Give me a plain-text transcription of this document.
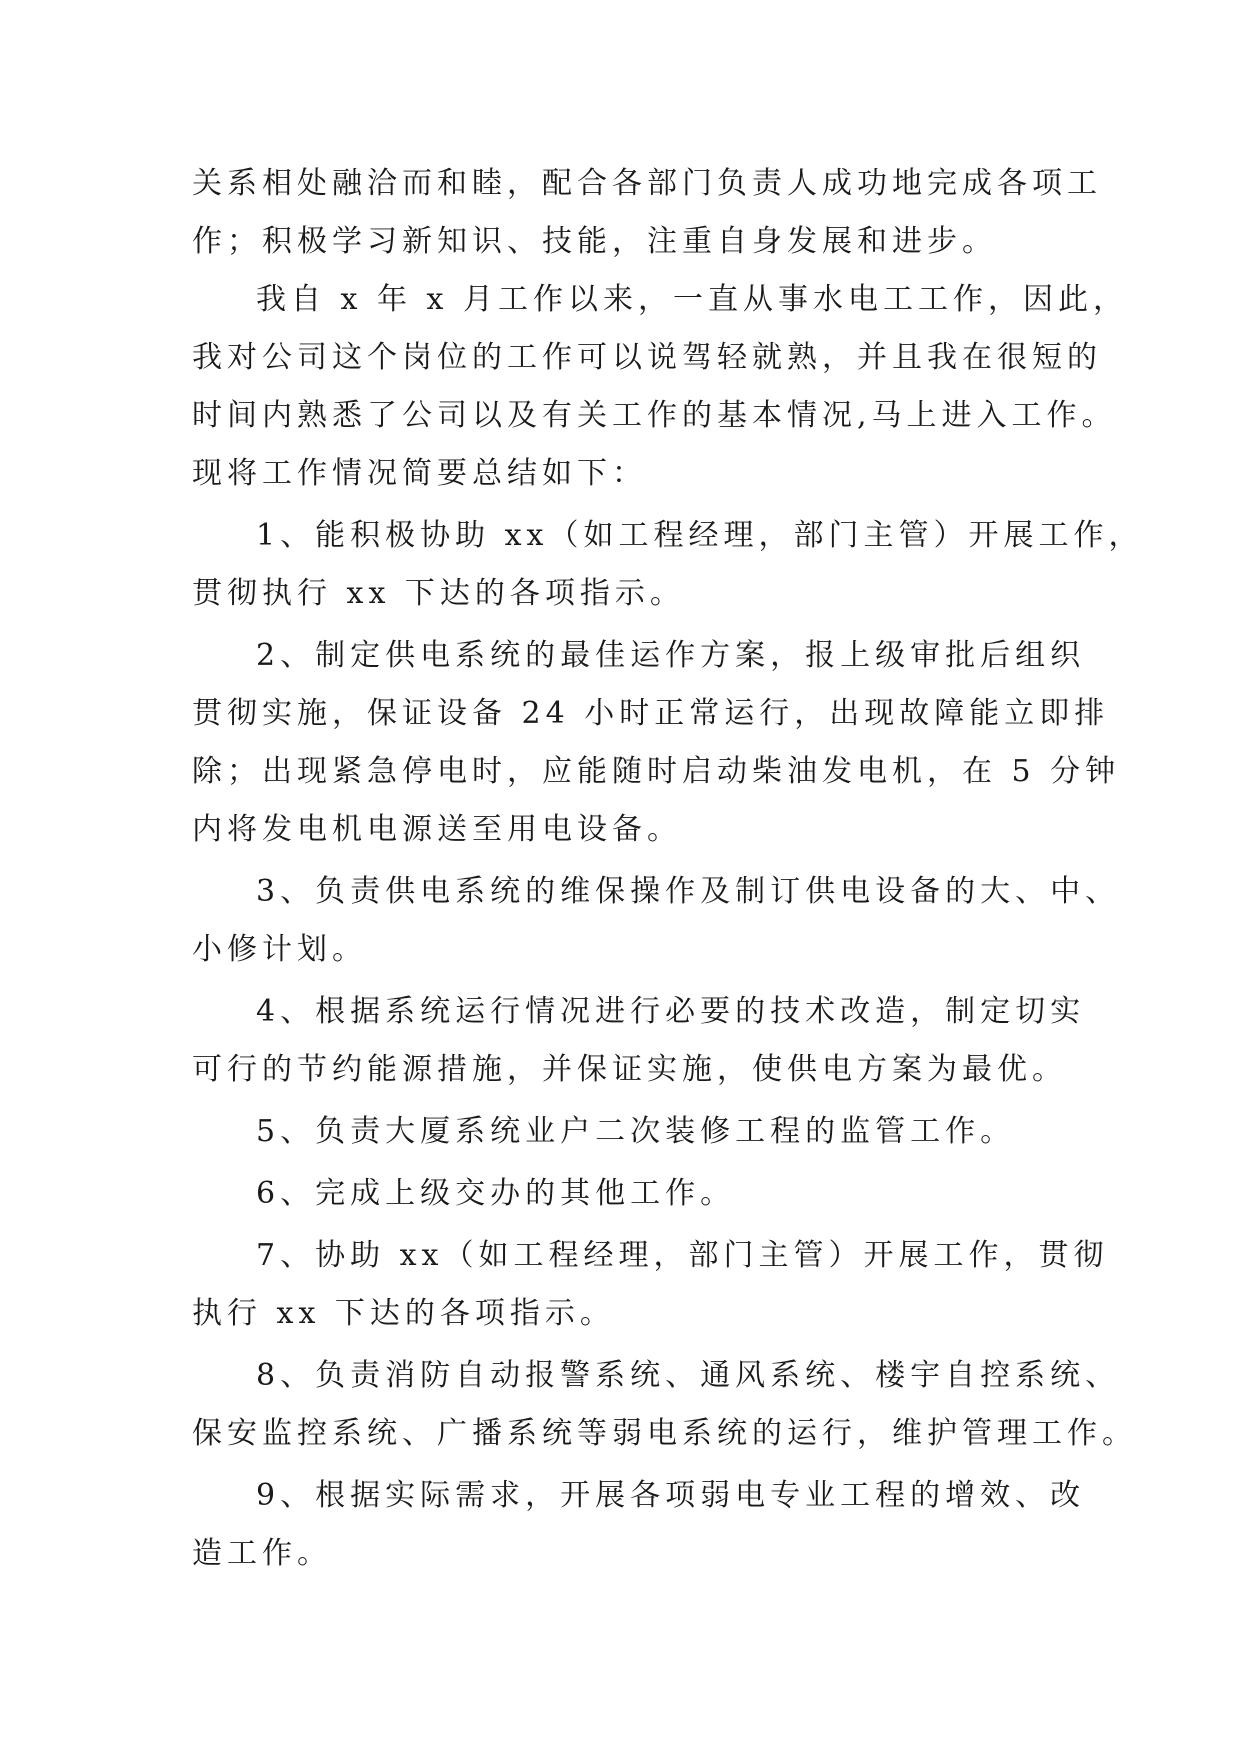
关系相处融洽而和睦，配合各部门负责人成功地完成各项工
作；积极学习新知识、技能，注重自身发展和进步。
我自 x 年 x 月工作以来，一直从事水电工工作，因此，
我对公司这个岗位的工作可以说驾轻就熟，并且我在很短的
时间内熟悉了公司以及有关工作的基本情况,马上进入工作。
现将工作情况简要总结如下：
1、能积极协助 xx（如工程经理，部门主管）开展工作，
贯彻执行 xx 下达的各项指示。
2、制定供电系统的最佳运作方案，报上级审批后组织
贯彻实施，保证设备 24 小时正常运行，出现故障能立即排
除；出现紧急停电时，应能随时启动柴油发电机，在 5 分钟
内将发电机电源送至用电设备。
3、负责供电系统的维保操作及制订供电设备的大、中、
小修计划。
4、根据系统运行情况进行必要的技术改造，制定切实
可行的节约能源措施，并保证实施，使供电方案为最优。
5、负责大厦系统业户二次装修工程的监管工作。
6、完成上级交办的其他工作。
7、协助 xx（如工程经理，部门主管）开展工作，贯彻
执行 xx 下达的各项指示。
8、负责消防自动报警系统、通风系统、楼宇自控系统、
保安监控系统、广播系统等弱电系统的运行，维护管理工作。
9、根据实际需求，开展各项弱电专业工程的增效、改
造工作。
